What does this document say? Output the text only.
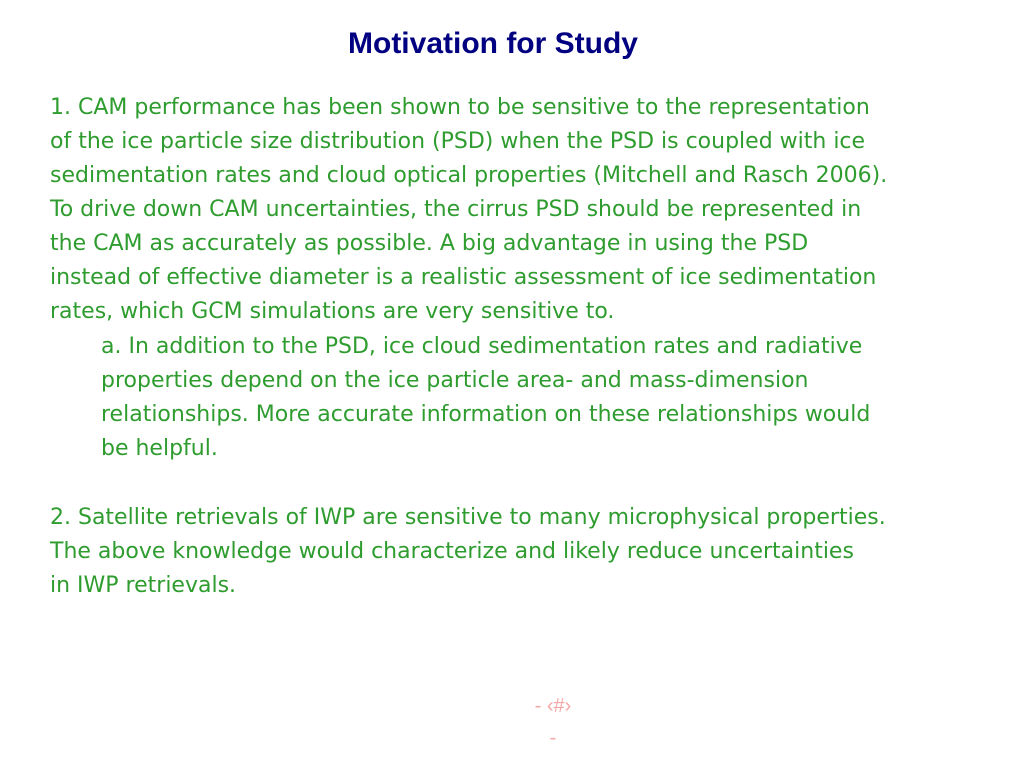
Motivation for Study
1. CAM performance has been shown to be sensitive to the representation
of the ice particle size distribution (PSD) when the PSD is coupled with ice
sedimentation rates and cloud optical properties (Mitchell and Rasch 2006).
To drive down CAM uncertainties, the cirrus PSD should be represented in
the CAM as accurately as possible. A big advantage in using the PSD
instead of effective diameter is a realistic assessment of ice sedimentation
rates, which GCM simulations are very sensitive to.
a. In addition to the PSD, ice cloud sedimentation rates and radiative
properties depend on the ice particle area- and mass-dimension
relationships. More accurate information on these relationships would
be helpful.
2. Satellite retrievals of IWP are sensitive to many microphysical properties.
The above knowledge would characterize and likely reduce uncertainties
in IWP retrievals.
- ‹#›
-
